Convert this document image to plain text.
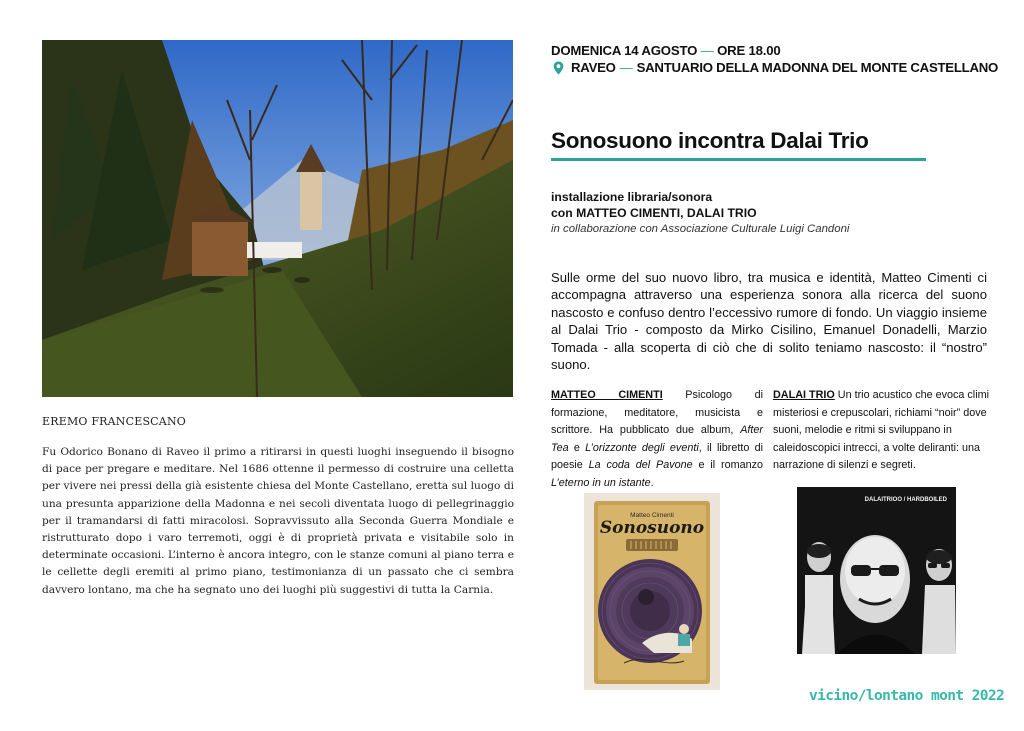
EREMO FRANCESCANO
Fu Odorico Bonano di Raveo il primo a ritirarsi in questi luoghi inseguendo il bisogno di pace per pregare e meditare. Nel 1686 ottenne il permesso di costruire una celletta per vivere nei pressi della già esistente chiesa del Monte Castellano, eretta sul luogo di una presunta apparizione della Madonna e nei secoli diventata luogo di pellegrinaggio per il tramandarsi di fatti miracolosi. Sopravvissuto alla Seconda Guerra Mondiale e ristrutturato dopo i varo terremoti, oggi è di proprietà privata e visitabile solo in determinate occasioni. L’interno è ancora integro, con le stanze comuni al piano terra e le cellette degli eremiti al primo piano, testimonianza di un passato che ci sembra davvero lontano, ma che ha segnato uno dei luoghi più suggestivi di tutta la Carnia.
DOMENICA 14 AGOSTO — ORE 18.00
RAVEO — SANTUARIO DELLA MADONNA DEL MONTE CASTELLANO
Sonosuono incontra Dalai Trio
installazione libraria/sonora
con MATTEO CIMENTI, DALAI TRIO
in collaborazione con Associazione Culturale Luigi Candoni
Sulle orme del suo nuovo libro, tra musica e identità, Matteo Cimenti ci accompagna attraverso una esperienza sonora alla ricerca del suono nascosto e confuso dentro l’eccessivo rumore di fondo. Un viaggio insieme al Dalai Trio - composto da Mirko Cisilino, Emanuel Donadelli, Marzio Tomada - alla scoperta di ciò che di solito teniamo nascosto: il “nostro” suono.
MATTEO CIMENTI Psicologo di formazione, meditatore, musicista e scrittore. Ha pubblicato due album, After Tea e L’orizzonte degli eventi, il libretto di poesie La coda del Pavone e il romanzo L’eterno in un istante.
DALAI TRIO Un trio acustico che evoca climi misteriosi e crepuscolari, richiami “noir” dove suoni, melodie e ritmi si sviluppano in caleidoscopici intrecci, a volte deliranti: una narrazione di silenzi e segreti.
Matteo Cimenti
Sonosuono
DALAITRIOO / HARDBOILED
vicino/lontano mont 2022
